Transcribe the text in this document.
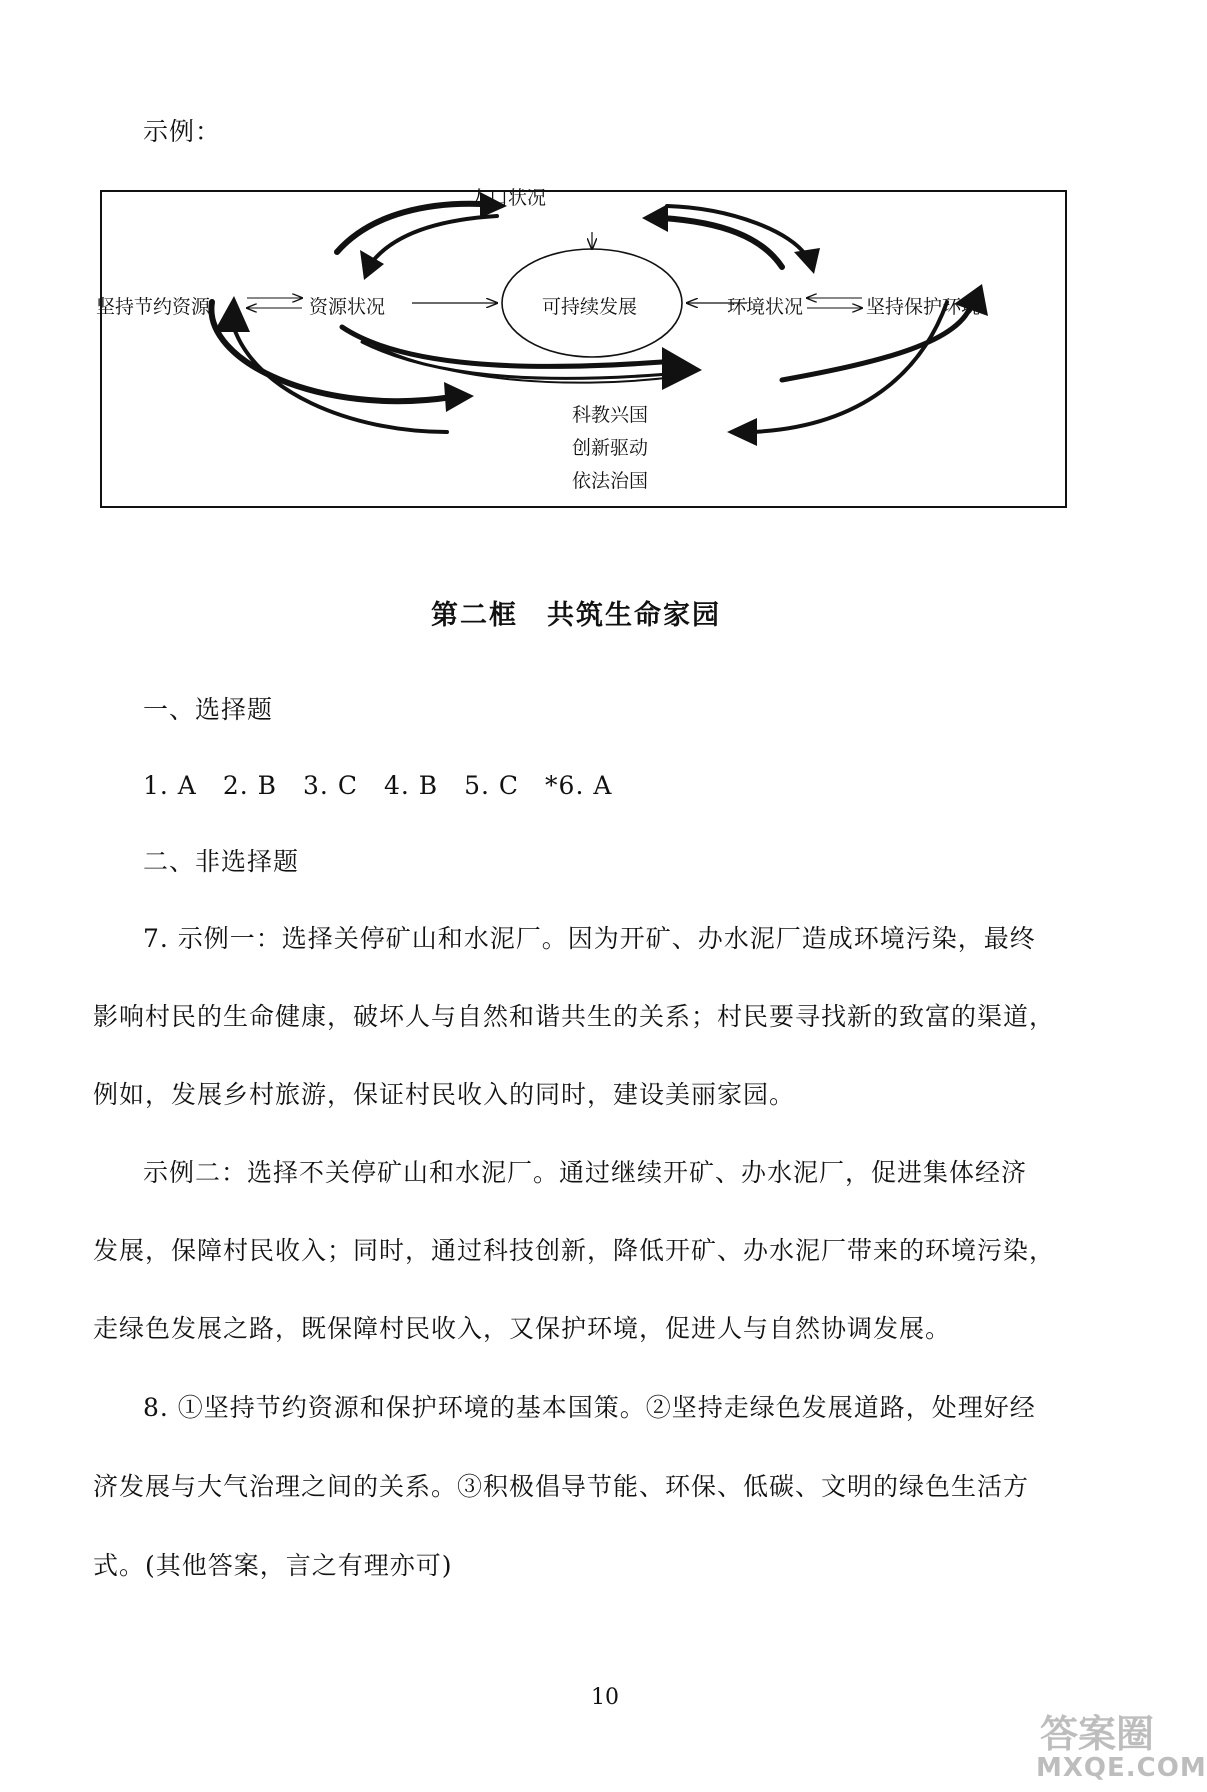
示例：
人口状况
可持续发展
坚持节约资源	资源状况	环境状况	坚持保护环境
科教兴国
创新驱动
依法治国
第二框　共筑生命家园
一、选择题
1. A　2. B　3. C　4. B　5. C　*6. A
二、非选择题
7. 示例一：选择关停矿山和水泥厂。因为开矿、办水泥厂造成环境污染，最终
影响村民的生命健康，破坏人与自然和谐共生的关系；村民要寻找新的致富的渠道，
例如，发展乡村旅游，保证村民收入的同时，建设美丽家园。
示例二：选择不关停矿山和水泥厂。通过继续开矿、办水泥厂，促进集体经济
发展，保障村民收入；同时，通过科技创新，降低开矿、办水泥厂带来的环境污染，
走绿色发展之路，既保障村民收入，又保护环境，促进人与自然协调发展。
8. ①坚持节约资源和保护环境的基本国策。②坚持走绿色发展道路，处理好经
济发展与大气治理之间的关系。③积极倡导节能、环保、低碳、文明的绿色生活方
式。(其他答案，言之有理亦可)
10
答案圈
MXQE.COM
